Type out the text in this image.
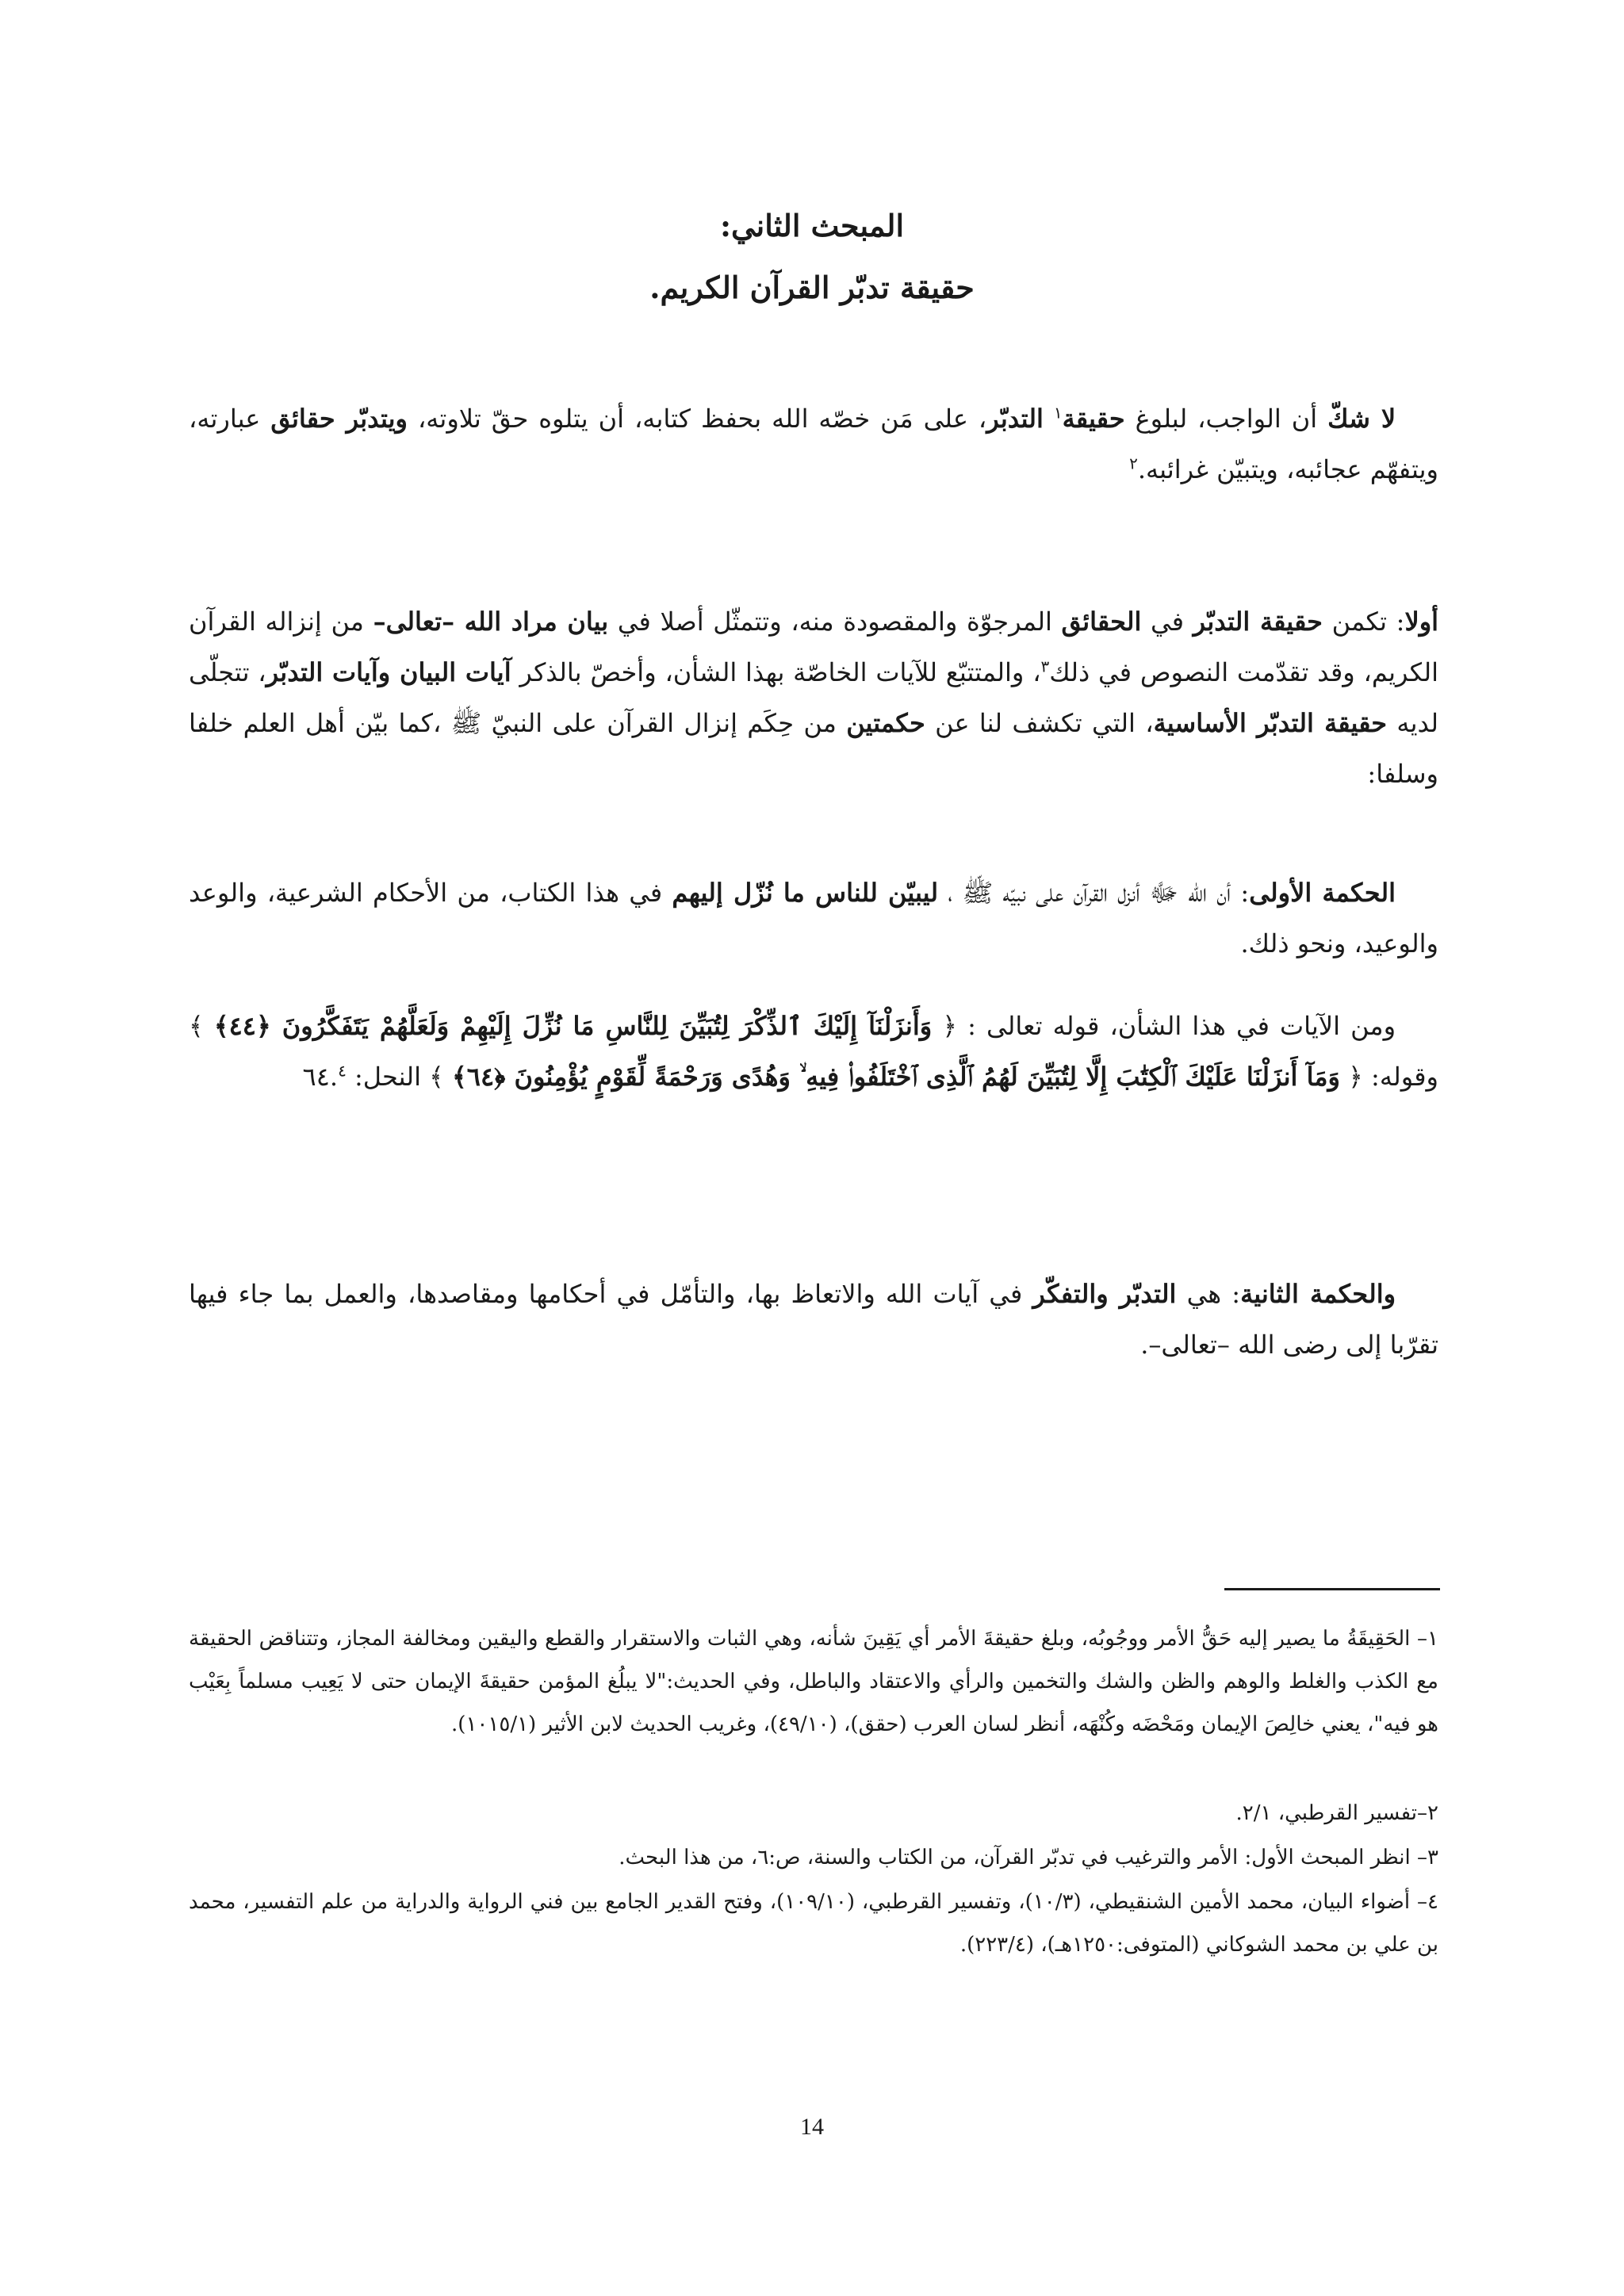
المبحث الثاني:
حقيقة تدبّر القرآن الكريم.
لا شكّ أن الواجب، لبلوغ حقيقة$^١$ التدبّر، على مَن خصّه الله بحفظ كتابه، أن يتلوه حقّ تلاوته، ويتدبّر حقائق عبارته، ويتفهّم عجائبه، ويتبيّن غرائبه.$^٢$
أولا: تكمن حقيقة التدبّر في الحقائق المرجوّة والمقصودة منه، وتتمثّل أصلا في بيان مراد الله –تعالى– من إنزاله القرآن الكريم، وقد تقدّمت النصوص في ذلك$^٣$، والمتتبّع للآيات الخاصّة بهذا الشأن، وأخصّ بالذكر آيات البيان وآيات التدبّر، تتجلّى لديه حقيقة التدبّر الأساسية، التي تكشف لنا عن حكمتين من حِكَم إنزال القرآن على النبيّ ﷺ ،كما بيّن أهل العلم خلفا وسلفا:
الحكمة الأولى: أن الله ﷻ أنزل القرآن على نبيّه ﷺ ، ليبيّن للناس ما نُزّل إليهم في هذا الكتاب، من الأحكام الشرعية، والوعد والوعيد، ونحو ذلك.
ومن الآيات في هذا الشأن، قوله تعالى : ﴿ وَأَنزَلْنَآ إِلَيْكَ ٱلذِّكْرَ لِتُبَيِّنَ لِلنَّاسِ مَا نُزِّلَ إِلَيْهِمْ وَلَعَلَّهُمْ يَتَفَكَّرُونَ ﴿٤٤﴾ ﴾ وقوله: ﴿ وَمَآ أَنزَلْنَا عَلَيْكَ ٱلْكِتَٰبَ إِلَّا لِتُبَيِّنَ لَهُمُ ٱلَّذِى ٱخْتَلَفُوا۟ فِيهِ ۙ وَهُدًى وَرَحْمَةً لِّقَوْمٍ يُؤْمِنُونَ ﴿٦٤﴾ ﴾ النحل: ٦٤.$^٤$
والحكمة الثانية: هي التدبّر والتفكّر في آيات الله والاتعاظ بها، والتأمّل في أحكامها ومقاصدها، والعمل بما جاء فيها تقرّبا إلى رضى الله –تعالى–.
١– الحَقِيقَةُ ما يصير إليه حَقُّ الأمر ووجُوبُه، وبلغ حقيقةَ الأمر أي يَقِينَ شأنه، وهي الثبات والاستقرار والقطع واليقين ومخالفة المجاز، وتتناقض الحقيقة مع الكذب والغلط والوهم والظن والشك والتخمين والرأي والاعتقاد والباطل، وفي الحديث:"لا يبلُغ المؤمن حقيقةَ الإيمان حتى لا يَعِيب مسلماً بِعَيْب هو فيه"، يعني خالِصَ الإيمان ومَحْضَه وكُنْهَه، أنظر لسان العرب (حقق)، (٤٩/١٠)، وغريب الحديث لابن الأثير (١٠١٥/١).
٢–تفسير القرطبي، ٢/١.
٣– انظر المبحث الأول: الأمر والترغيب في تدبّر القرآن، من الكتاب والسنة، ص:٦، من هذا البحث.
٤– أضواء البيان، محمد الأمين الشنقيطي، (١٠/٣)، وتفسير القرطبي، (١٠٩/١٠)، وفتح القدير الجامع بين فني الرواية والدراية من علم التفسير، محمد بن علي بن محمد الشوكاني (المتوفى:١٢٥٠هـ)، (٢٢٣/٤).
14
